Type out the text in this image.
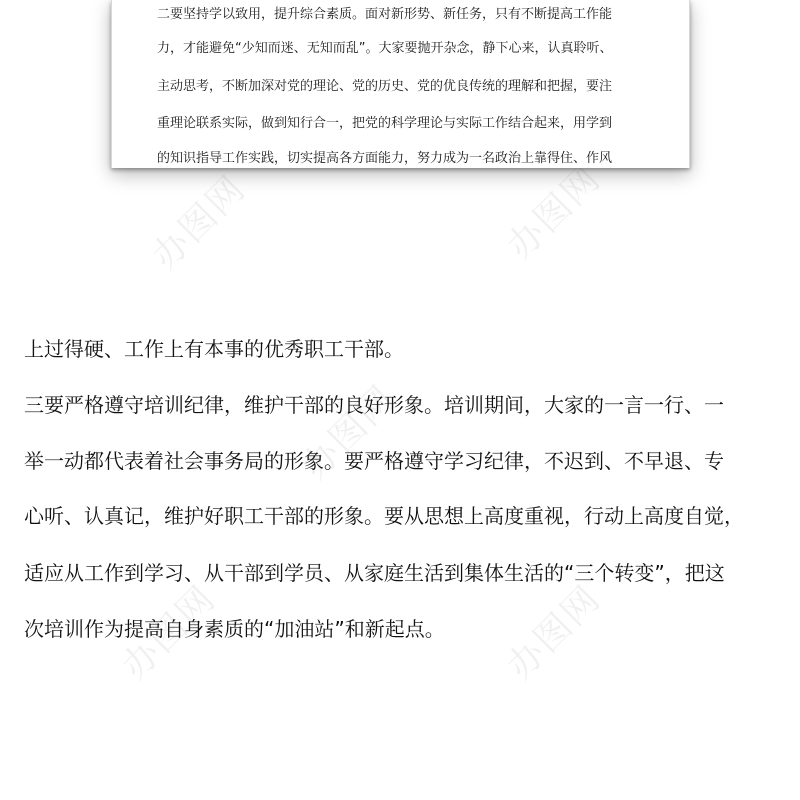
办图网	办图网
办图网
办图网	办图网
二要坚持学以致用，提升综合素质。面对新形势、新任务，只有不断提高工作能
力，才能避免“少知而迷、无知而乱”。大家要抛开杂念，静下心来，认真聆听、
主动思考，不断加深对党的理论、党的历史、党的优良传统的理解和把握，要注
重理论联系实际，做到知行合一，把党的科学理论与实际工作结合起来，用学到
的知识指导工作实践，切实提高各方面能力，努力成为一名政治上靠得住、作风
上过得硬、工作上有本事的优秀职工干部。
三要严格遵守培训纪律，维护干部的良好形象。培训期间，大家的一言一行、一
举一动都代表着社会事务局的形象。要严格遵守学习纪律，不迟到、不早退、专
心听、认真记，维护好职工干部的形象。要从思想上高度重视，行动上高度自觉，
适应从工作到学习、从干部到学员、从家庭生活到集体生活的“三个转变”，把这
次培训作为提高自身素质的“加油站”和新起点。
